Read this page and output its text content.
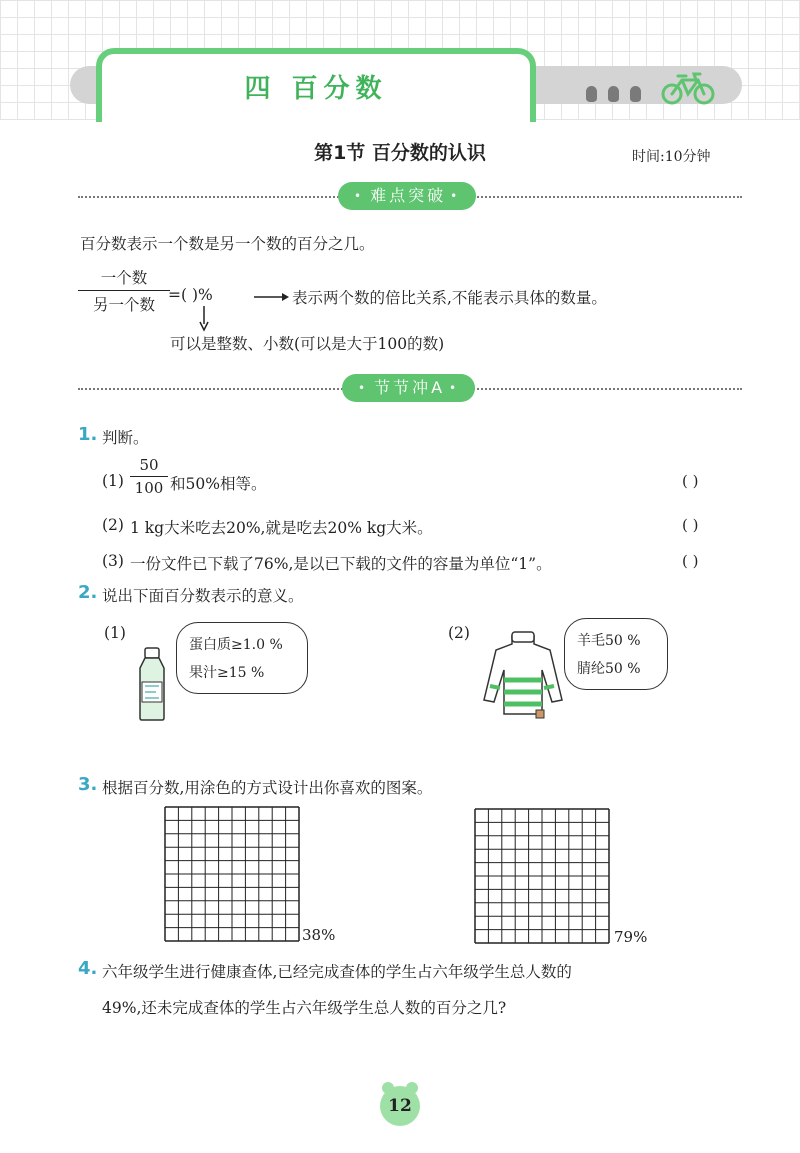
四 百分数
第1节 百分数的认识	时间:10分钟
• 难点突破 •
百分数表示一个数是另一个数的百分之几。
一个数
另一个数
=( )%	表示两个数的倍比关系,不能表示具体的数量。
可以是整数、小数(可以是大于100的数)
• 节节冲A •
1. 判断。
$(1) \frac{50}{100}$ 和50%相等。	( )
(2) 1 kg大米吃去20%,就是吃去20% kg大米。	( )
(3) 一份文件已下载了76%,是以已下载的文件的容量为单位“1”。	( )
2. 说出下面百分数表示的意义。
(1)
蛋白质≥1.0 %
果汁≥15 %
(2)	羊毛50 %
腈纶50 %
3. 根据百分数,用涂色的方式设计出你喜欢的图案。
38%	79%
4. 六年级学生进行健康查体,已经完成查体的学生占六年级学生总人数的
49%,还未完成查体的学生占六年级学生总人数的百分之几?
12
